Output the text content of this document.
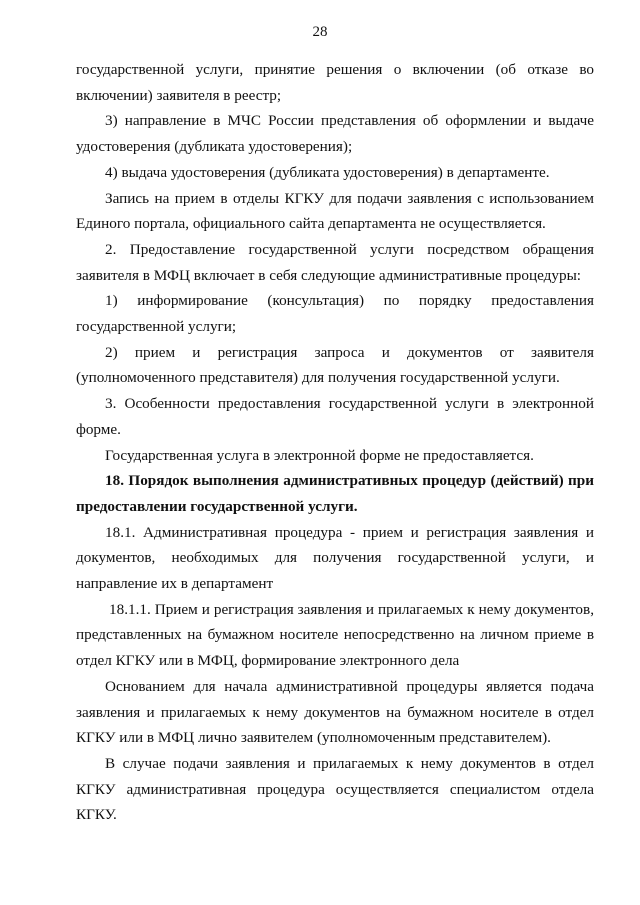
28

государственной услуги, принятие решения о включении (об отказе во включении) заявителя в реестр;

3) направление в МЧС России представления об оформлении и выдаче удостоверения (дубликата удостоверения);

4) выдача удостоверения (дубликата удостоверения) в департаменте.

Запись на прием в отделы КГКУ для подачи заявления с использованием Единого портала, официального сайта департамента не осуществляется.

2. Предоставление государственной услуги посредством обращения заявителя в МФЦ включает в себя следующие административные процедуры:

1) информирование (консультация) по порядку предоставления государственной услуги;

2) прием и регистрация запроса и документов от заявителя (уполномоченного представителя) для получения государственной услуги.

3. Особенности предоставления государственной услуги в электронной форме.

Государственная услуга в электронной форме не предоставляется.

18. Порядок выполнения административных процедур (действий) при предоставлении государственной услуги.

18.1. Административная процедура - прием и регистрация заявления и документов, необходимых для получения государственной услуги, и направление их в департамент

18.1.1. Прием и регистрация заявления и прилагаемых к нему документов, представленных на бумажном носителе непосредственно на личном приеме в отдел КГКУ или в МФЦ, формирование электронного дела

Основанием для начала административной процедуры является подача заявления и прилагаемых к нему документов на бумажном носителе в отдел КГКУ или в МФЦ лично заявителем (уполномоченным представителем).

В случае подачи заявления и прилагаемых к нему документов в отдел КГКУ административная процедура осуществляется специалистом отдела КГКУ.
